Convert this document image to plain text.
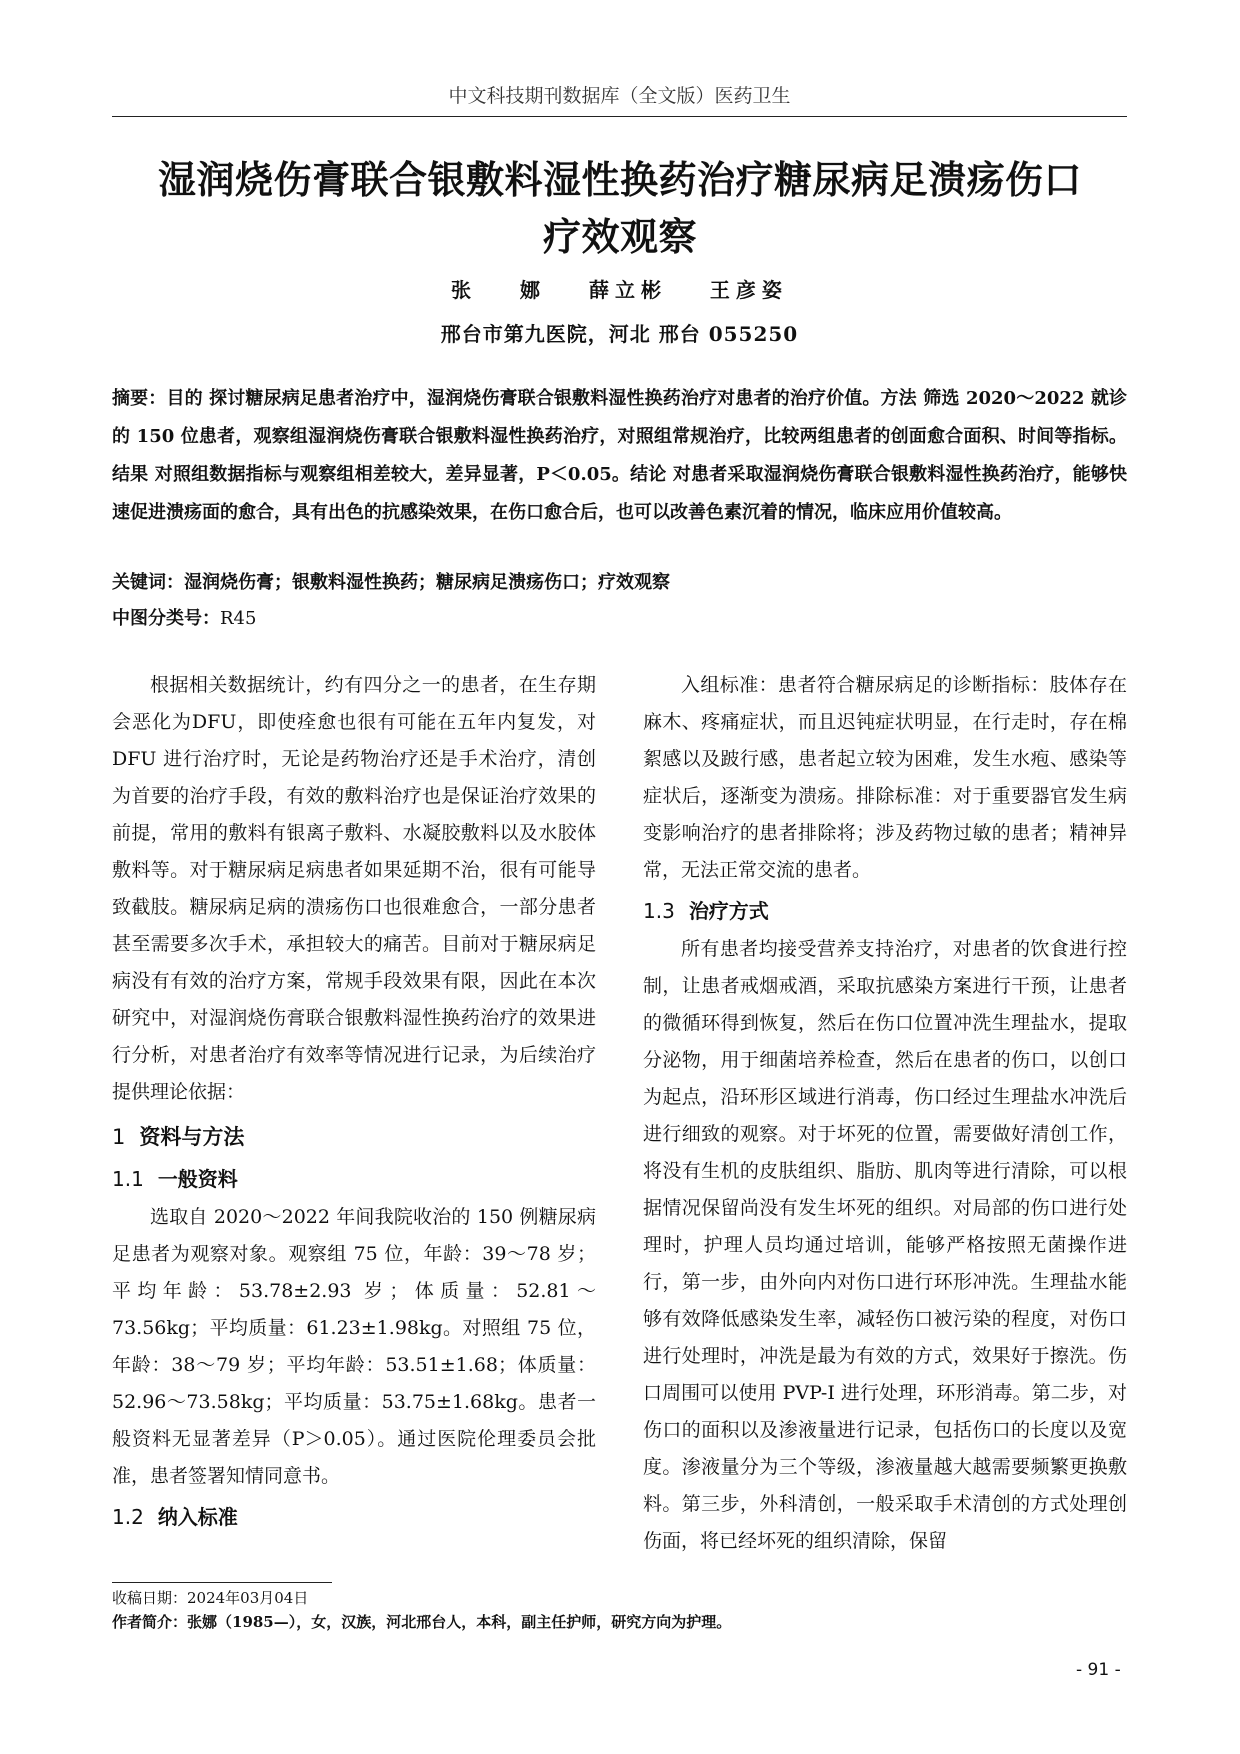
中文科技期刊数据库（全文版）医药卫生
湿润烧伤膏联合银敷料湿性换药治疗糖尿病足溃疡伤口
疗效观察
张 娜 薛立彬 王彦姿
邢台市第九医院，河北 邢台 055250
摘要：目的 探讨糖尿病足患者治疗中，湿润烧伤膏联合银敷料湿性换药治疗对患者的治疗价值。方法 筛选 2020～2022 就诊的 150 位患者，观察组湿润烧伤膏联合银敷料湿性换药治疗，对照组常规治疗，比较两组患者的创面愈合面积、时间等指标。结果 对照组数据指标与观察组相差较大，差异显著，P＜0.05。结论 对患者采取湿润烧伤膏联合银敷料湿性换药治疗，能够快速促进溃疡面的愈合，具有出色的抗感染效果，在伤口愈合后，也可以改善色素沉着的情况，临床应用价值较高。
关键词：湿润烧伤膏；银敷料湿性换药；糖尿病足溃疡伤口；疗效观察
中图分类号：R45

根据相关数据统计，约有四分之一的患者，在生存期会恶化为DFU，即使痊愈也很有可能在五年内复发，对 DFU 进行治疗时，无论是药物治疗还是手术治疗，清创为首要的治疗手段，有效的敷料治疗也是保证治疗效果的前提，常用的敷料有银离子敷料、水凝胶敷料以及水胶体敷料等。对于糖尿病足病患者如果延期不治，很有可能导致截肢。糖尿病足病的溃疡伤口也很难愈合，一部分患者甚至需要多次手术，承担较大的痛苦。目前对于糖尿病足病没有有效的治疗方案，常规手段效果有限，因此在本次研究中，对湿润烧伤膏联合银敷料湿性换药治疗的效果进行分析，对患者治疗有效率等情况进行记录，为后续治疗提供理论依据：

1 资料与方法
1.1 一般资料

选取自 2020～2022 年间我院收治的 150 例糖尿病足患者为观察对象。观察组 75 位，年龄：39～78 岁；平均年龄：53.78±2.93 岁；体质量：52.81～73.56kg；平均质量：61.23±1.98kg。对照组 75 位，年龄：38～79 岁；平均年龄：53.51±1.68；体质量：52.96～73.58kg；平均质量：53.75±1.68kg。患者一般资料无显著差异（P＞0.05）。通过医院伦理委员会批准，患者签署知情同意书。

1.2 纳入标准

入组标准：患者符合糖尿病足的诊断指标：肢体存在麻木、疼痛症状，而且迟钝症状明显，在行走时，存在棉絮感以及跛行感，患者起立较为困难，发生水疱、感染等症状后，逐渐变为溃疡。排除标准：对于重要器官发生病变影响治疗的患者排除将；涉及药物过敏的患者；精神异常，无法正常交流的患者。

1.3 治疗方式

所有患者均接受营养支持治疗，对患者的饮食进行控制，让患者戒烟戒酒，采取抗感染方案进行干预，让患者的微循环得到恢复，然后在伤口位置冲洗生理盐水，提取分泌物，用于细菌培养检查，然后在患者的伤口，以创口为起点，沿环形区域进行消毒，伤口经过生理盐水冲洗后进行细致的观察。对于坏死的位置，需要做好清创工作，将没有生机的皮肤组织、脂肪、肌肉等进行清除，可以根据情况保留尚没有发生坏死的组织。对局部的伤口进行处理时，护理人员均通过培训，能够严格按照无菌操作进行，第一步，由外向内对伤口进行环形冲洗。生理盐水能够有效降低感染发生率，减轻伤口被污染的程度，对伤口进行处理时，冲洗是最为有效的方式，效果好于擦洗。伤口周围可以使用 PVP-I 进行处理，环形消毒。第二步，对伤口的面积以及渗液量进行记录，包括伤口的长度以及宽度。渗液量分为三个等级，渗液量越大越需要频繁更换敷料。第三步，外科清创，一般采取手术清创的方式处理创伤面，将已经坏死的组织清除，保留

收稿日期：2024年03月04日
作者简介：张娜（1985—），女，汉族，河北邢台人，本科，副主任护师，研究方向为护理。
- 91 -
